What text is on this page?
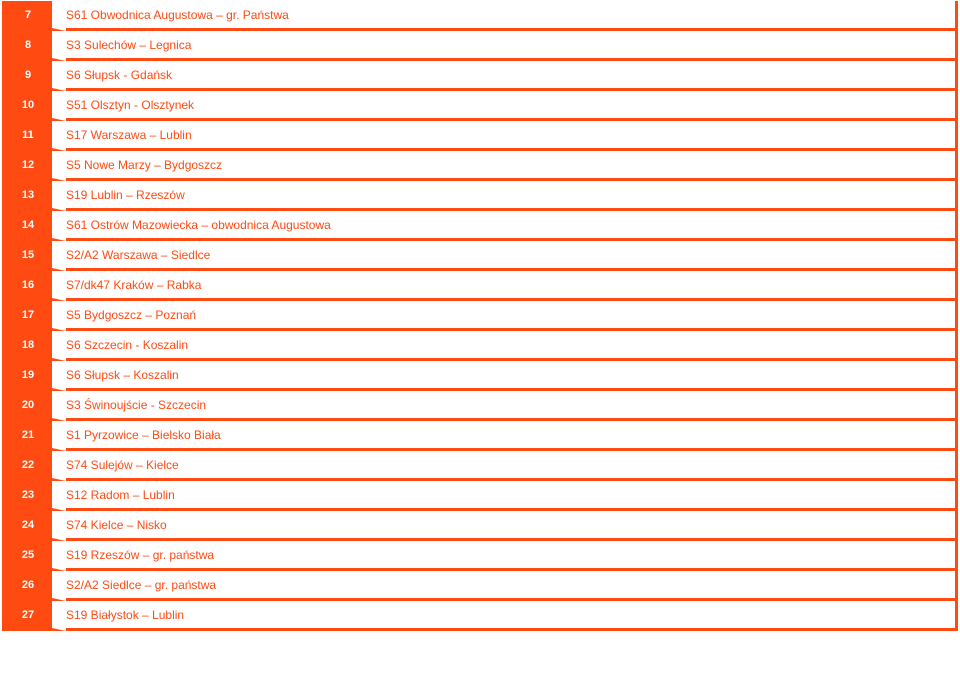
7	S61 Obwodnica Augustowa – gr. Państwa
8	S3 Sulechów – Legnica
9	S6 Słupsk - Gdańsk
10	S51 Olsztyn - Olsztynek
11	S17 Warszawa – Lublin
12	S5 Nowe Marzy – Bydgoszcz
13	S19 Lublin – Rzeszów
14	S61 Ostrów Mazowiecka – obwodnica Augustowa
15	S2/A2 Warszawa – Siedlce
16	S7/dk47 Kraków – Rabka
17	S5 Bydgoszcz – Poznań
18	S6 Szczecin - Koszalin
19	S6 Słupsk – Koszalin
20	S3 Świnoujście - Szczecin
21	S1 Pyrzowice – Bielsko Biała
22	S74 Sulejów – Kielce
23	S12 Radom – Lublin
24	S74 Kielce – Nisko
25	S19 Rzeszów – gr. państwa
26	S2/A2 Siedlce – gr. państwa
27	S19 Białystok – Lublin
